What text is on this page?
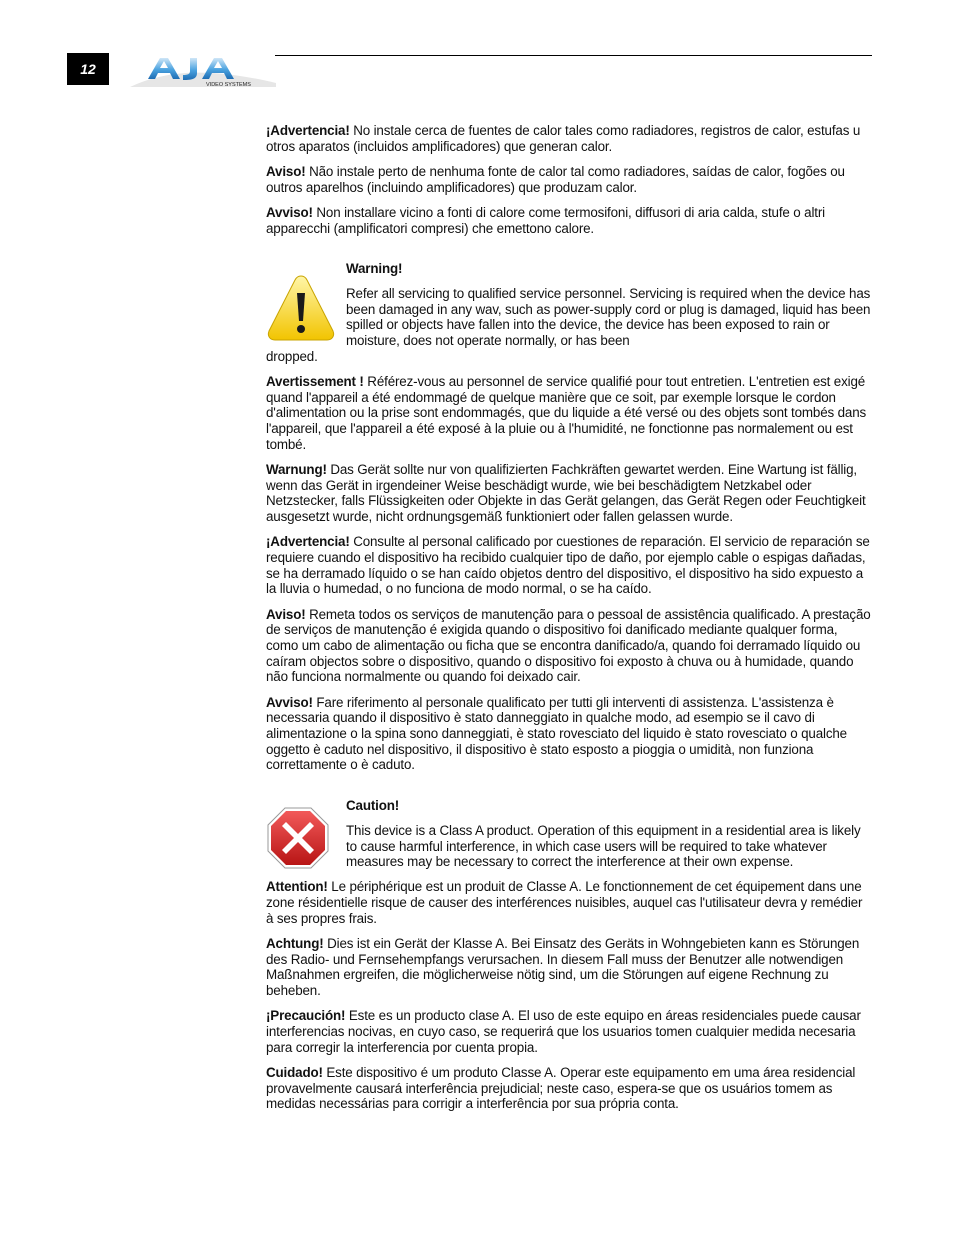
12
VIDEO SYSTEMS

¡Advertencia! No instale cerca de fuentes de calor tales como radiadores, registros de calor, estufas u otros aparatos (incluidos amplificadores) que generan calor.

Aviso! Não instale perto de nenhuma fonte de calor tal como radiadores, saídas de calor, fogões ou outros aparelhos (incluindo amplificadores) que produzam calor.

Avviso! Non installare vicino a fonti di calore come termosifoni, diffusori di aria calda, stufe o altri apparecchi (amplificatori compresi) che emettono calore.

Warning!
Refer all servicing to qualified service personnel. Servicing is required when the device has been damaged in any wav, such as power-supply cord or plug is damaged, liquid has been spilled or objects have fallen into the device, the device has been exposed to rain or moisture, does not operate normally, or has been

dropped.

Avertissement ! Référez-vous au personnel de service qualifié pour tout entretien. L'entretien est exigé quand l'appareil a été endommagé de quelque manière que ce soit, par exemple lorsque le cordon d'alimentation ou la prise sont endommagés, que du liquide a été versé ou des objets sont tombés dans l'appareil, que l'appareil a été exposé à la pluie ou à l'humidité, ne fonctionne pas normalement ou est tombé.

Warnung! Das Gerät sollte nur von qualifizierten Fachkräften gewartet werden. Eine Wartung ist fällig, wenn das Gerät in irgendeiner Weise beschädigt wurde, wie bei beschädigtem Netzkabel oder Netzstecker, falls Flüssigkeiten oder Objekte in das Gerät gelangen, das Gerät Regen oder Feuchtigkeit ausgesetzt wurde, nicht ordnungsgemäß funktioniert oder fallen gelassen wurde.

¡Advertencia! Consulte al personal calificado por cuestiones de reparación. El servicio de reparación se requiere cuando el dispositivo ha recibido cualquier tipo de daño, por ejemplo cable o espigas dañadas, se ha derramado líquido o se han caído objetos dentro del dispositivo, el dispositivo ha sido expuesto a la lluvia o humedad, o no funciona de modo normal, o se ha caído.

Aviso! Remeta todos os serviços de manutenção para o pessoal de assistência qualificado. A prestação de serviços de manutenção é exigida quando o dispositivo foi danificado mediante qualquer forma, como um cabo de alimentação ou ficha que se encontra danificado/a, quando foi derramado líquido ou caíram objectos sobre o dispositivo, quando o dispositivo foi exposto à chuva ou à humidade, quando não funciona normalmente ou quando foi deixado cair.

Avviso! Fare riferimento al personale qualificato per tutti gli interventi di assistenza. L'assistenza è necessaria quando il dispositivo è stato danneggiato in qualche modo, ad esempio se il cavo di alimentazione o la spina sono danneggiati, è stato rovesciato del liquido è stato rovesciato o qualche oggetto è caduto nel dispositivo, il dispositivo è stato esposto a pioggia o umidità, non funziona correttamente o è caduto.

Caution!

This device is a Class A product. Operation of this equipment in a residential area is likely to cause harmful interference, in which case users will be required to take whatever measures may be necessary to correct the interference at their own expense.

Attention! Le périphérique est un produit de Classe A. Le fonctionnement de cet équipement dans une zone résidentielle risque de causer des interférences nuisibles, auquel cas l'utilisateur devra y remédier à ses propres frais.

Achtung! Dies ist ein Gerät der Klasse A. Bei Einsatz des Geräts in Wohngebieten kann es Störungen des Radio- und Fernsehempfangs verursachen. In diesem Fall muss der Benutzer alle notwendigen Maßnahmen ergreifen, die möglicherweise nötig sind, um die Störungen auf eigene Rechnung zu beheben.

¡Precaución! Este es un producto clase A. El uso de este equipo en áreas residenciales puede causar interferencias nocivas, en cuyo caso, se requerirá que los usuarios tomen cualquier medida necesaria para corregir la interferencia por cuenta propia.

Cuidado! Este dispositivo é um produto Classe A. Operar este equipamento em uma área residencial provavelmente causará interferência prejudicial; neste caso, espera-se que os usuários tomem as medidas necessárias para corrigir a interferência por sua própria conta.
